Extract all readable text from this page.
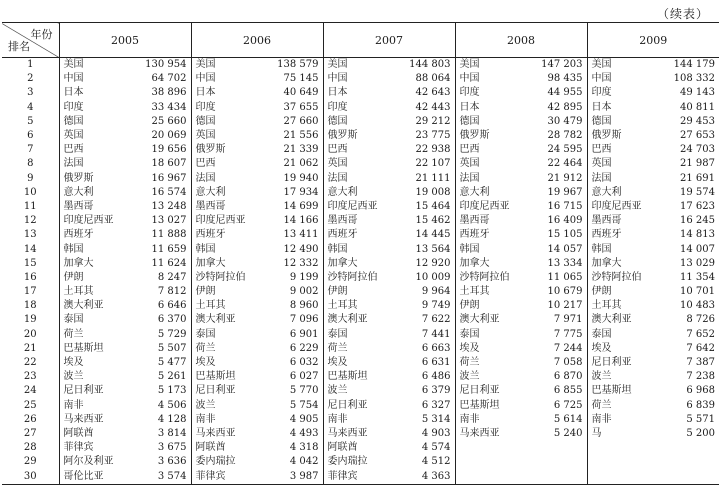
（续表）
年份
排名	2005		2006		2007		2008		2009	
1	美国	130 954	美国	138 579	美国	144 803	美国	147 203	美国	144 179
2	中国	64 702	中国	75 145	中国	88 064	中国	98 435	中国	108 332
3	日本	38 896	日本	40 649	日本	42 643	印度	44 955	印度	49 143
4	印度	33 434	印度	37 655	印度	42 443	日本	42 895	日本	40 811
5	德国	25 660	德国	27 660	德国	29 212	德国	30 479	德国	29 453
6	英国	20 069	英国	21 556	俄罗斯	23 775	俄罗斯	28 782	俄罗斯	27 653
7	巴西	19 656	俄罗斯	21 339	巴西	22 938	巴西	24 595	巴西	24 703
8	法国	18 607	巴西	21 062	英国	22 107	英国	22 464	英国	21 987
9	俄罗斯	16 967	法国	19 940	法国	21 111	法国	21 912	法国	21 691
10	意大利	16 574	意大利	17 934	意大利	19 008	意大利	19 967	意大利	19 574
11	墨西哥	13 248	墨西哥	14 699	印度尼西亚	15 464	印度尼西亚	16 715	印度尼西亚	17 623
12	印度尼西亚	13 027	印度尼西亚	14 166	墨西哥	15 462	墨西哥	16 409	墨西哥	16 245
13	西班牙	11 888	西班牙	13 411	西班牙	14 445	西班牙	15 105	西班牙	14 813
14	韩国	11 659	韩国	12 490	韩国	13 564	韩国	14 057	韩国	14 007
15	加拿大	11 624	加拿大	12 332	加拿大	12 920	加拿大	13 334	加拿大	13 029
16	伊朗	8 247	沙特阿拉伯	9 199	沙特阿拉伯	10 009	沙特阿拉伯	11 065	沙特阿拉伯	11 354
17	土耳其	7 812	伊朗	9 002	伊朗	9 964	土耳其	10 679	伊朗	10 701
18	澳大利亚	6 646	土耳其	8 960	土耳其	9 749	伊朗	10 217	土耳其	10 483
19	泰国	6 370	澳大利亚	7 096	澳大利亚	7 622	澳大利亚	7 971	澳大利亚	8 726
20	荷兰	5 729	泰国	6 901	泰国	7 441	泰国	7 775	泰国	7 652
21	巴基斯坦	5 507	荷兰	6 229	荷兰	6 663	埃及	7 244	埃及	7 642
22	埃及	5 477	埃及	6 032	埃及	6 631	荷兰	7 058	尼日利亚	7 387
23	波兰	5 261	巴基斯坦	6 027	巴基斯坦	6 486	波兰	6 870	波兰	7 238
24	尼日利亚	5 173	尼日利亚	5 770	波兰	6 379	尼日利亚	6 855	巴基斯坦	6 968
25	南非	4 506	波兰	5 754	尼日利亚	6 327	巴基斯坦	6 725	荷兰	6 839
26	马来西亚	4 128	南非	4 905	南非	5 314	南非	5 614	南非	5 571
27	阿联酋	3 814	马来西亚	4 493	马来西亚	4 903	马来西亚	5 240	马	5 200
28	菲律宾	3 675	阿联酋	4 318	阿联酋	4 574				
29	阿尔及利亚	3 636	委内瑞拉	4 042	委内瑞拉	4 512				
30	哥伦比亚	3 574	菲律宾	3 987	菲律宾	4 363				
